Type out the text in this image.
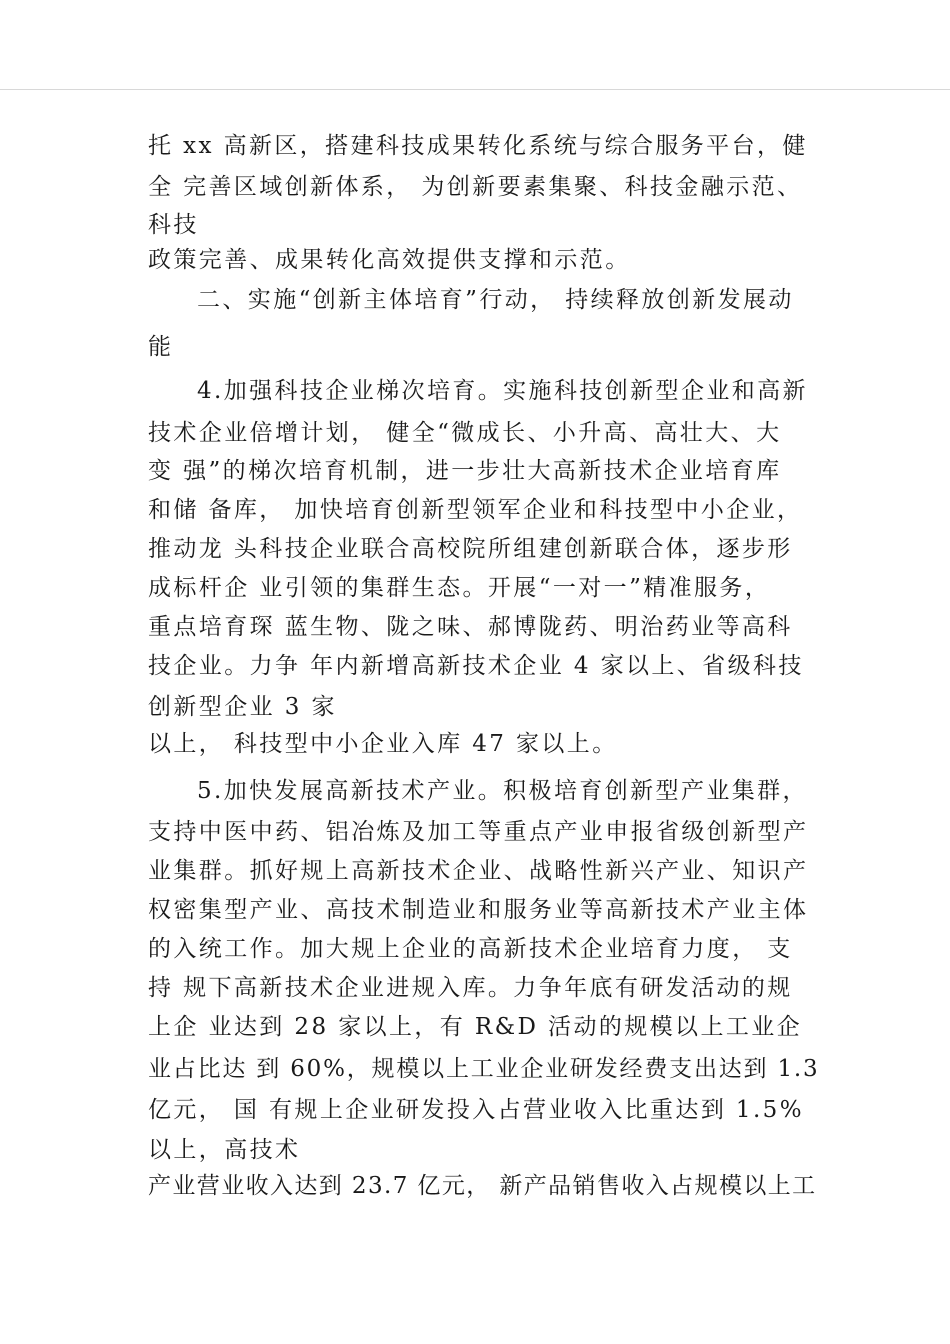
托 xx 高新区，搭建科技成果转化系统与综合服务平台，健
全 完善区域创新体系， 为创新要素集聚、科技金融示范、
科技
政策完善、成果转化高效提供支撑和示范。
二、实施“创新主体培育”行动， 持续释放创新发展动
能
4.加强科技企业梯次培育。实施科技创新型企业和高新
技术企业倍增计划， 健全“微成长、小升高、高壮大、大
变 强”的梯次培育机制，进一步壮大高新技术企业培育库
和储 备库， 加快培育创新型领军企业和科技型中小企业，
推动龙 头科技企业联合高校院所组建创新联合体，逐步形
成标杆企 业引领的集群生态。开展“一对一”精准服务，
重点培育琛 蓝生物、陇之味、郝博陇药、明治药业等高科
技企业。力争 年内新增高新技术企业 4 家以上、省级科技
创新型企业 3 家
以上， 科技型中小企业入库 47 家以上。
5.加快发展高新技术产业。积极培育创新型产业集群，
支持中医中药、铝冶炼及加工等重点产业申报省级创新型产
业集群。抓好规上高新技术企业、战略性新兴产业、知识产
权密集型产业、高技术制造业和服务业等高新技术产业主体
的入统工作。加大规上企业的高新技术企业培育力度， 支
持 规下高新技术企业进规入库。力争年底有研发活动的规
上企 业达到 28 家以上，有 R&D 活动的规模以上工业企
业占比达 到 60%，规模以上工业企业研发经费支出达到 1.3
亿元， 国 有规上企业研发投入占营业收入比重达到 1.5%
以上，高技术
产业营业收入达到 23.7 亿元， 新产品销售收入占规模以上工
